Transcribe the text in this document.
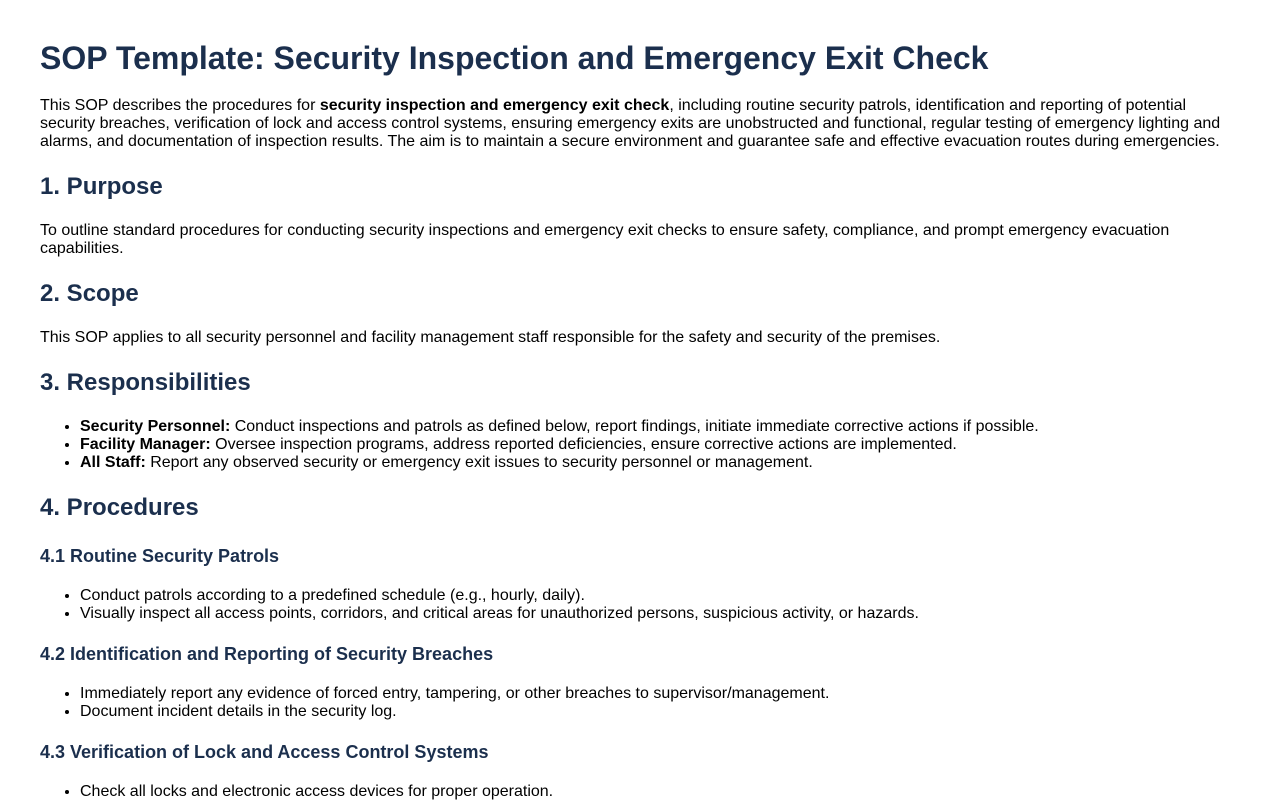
SOP Template: Security Inspection and Emergency Exit Check

This SOP describes the procedures for security inspection and emergency exit check, including routine security patrols, identification and reporting of potential security breaches, verification of lock and access control systems, ensuring emergency exits are unobstructed and functional, regular testing of emergency lighting and alarms, and documentation of inspection results. The aim is to maintain a secure environment and guarantee safe and effective evacuation routes during emergencies.

1. Purpose

To outline standard procedures for conducting security inspections and emergency exit checks to ensure safety, compliance, and prompt emergency evacuation capabilities.

2. Scope

This SOP applies to all security personnel and facility management staff responsible for the safety and security of the premises.

3. Responsibilities
• Security Personnel: Conduct inspections and patrols as defined below, report findings, initiate immediate corrective actions if possible.
• Facility Manager: Oversee inspection programs, address reported deficiencies, ensure corrective actions are implemented.
• All Staff: Report any observed security or emergency exit issues to security personnel or management.
4. Procedures
4.1 Routine Security Patrols
• Conduct patrols according to a predefined schedule (e.g., hourly, daily).
• Visually inspect all access points, corridors, and critical areas for unauthorized persons, suspicious activity, or hazards.
4.2 Identification and Reporting of Security Breaches
• Immediately report any evidence of forced entry, tampering, or other breaches to supervisor/management.
• Document incident details in the security log.
4.3 Verification of Lock and Access Control Systems
• Check all locks and electronic access devices for proper operation.
